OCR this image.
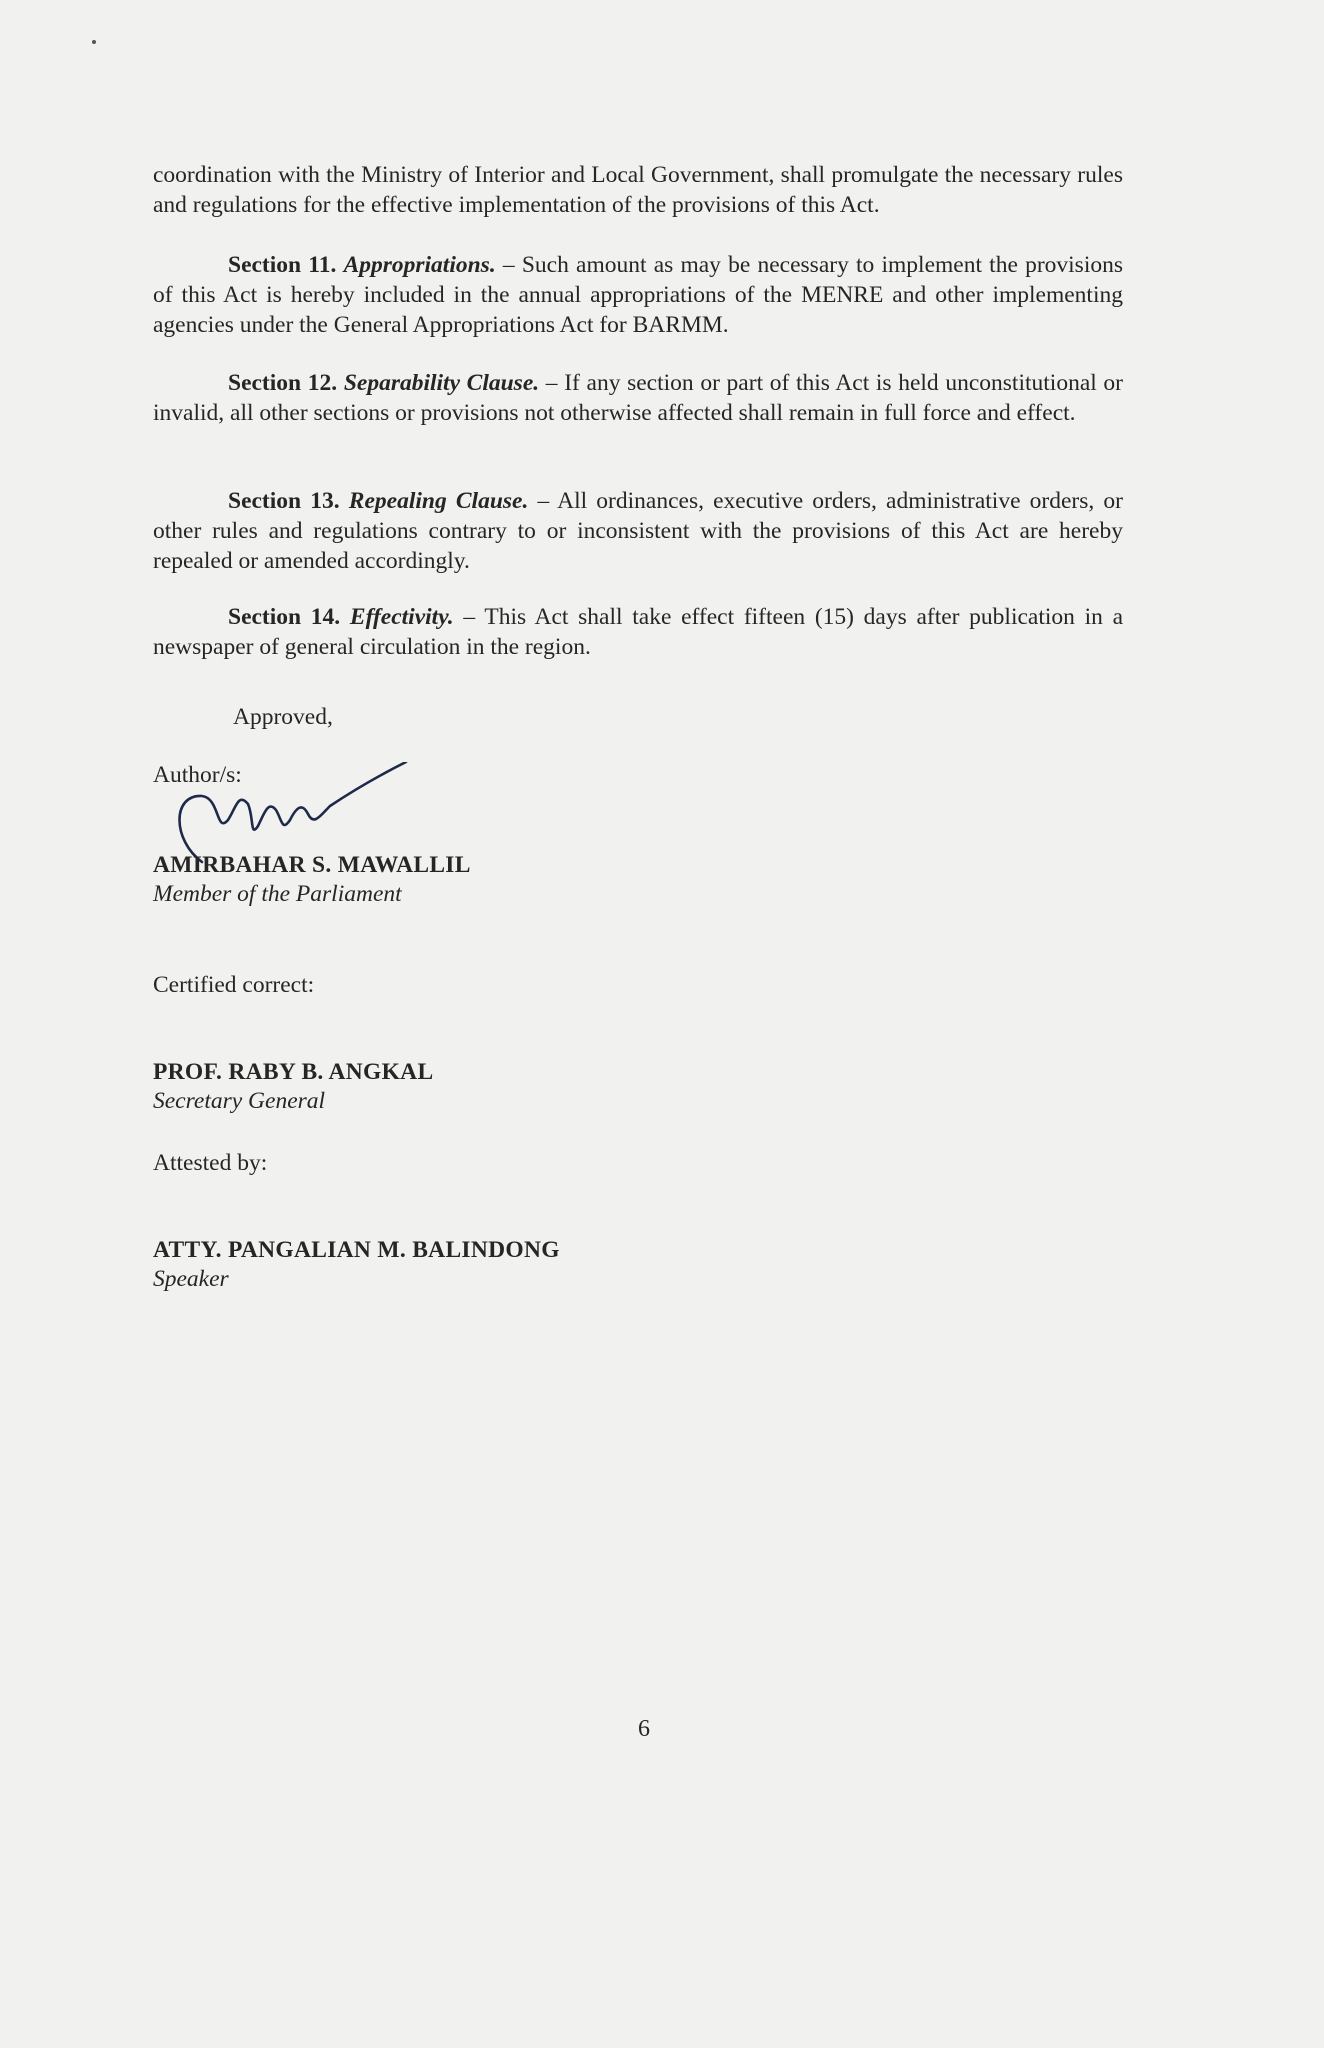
coordination with the Ministry of Interior and Local Government, shall promulgate the necessary rules and regulations for the effective implementation of the provisions of this Act.

Section 11. Appropriations. – Such amount as may be necessary to implement the provisions of this Act is hereby included in the annual appropriations of the MENRE and other implementing agencies under the General Appropriations Act for BARMM.

Section 12. Separability Clause. – If any section or part of this Act is held unconstitutional or invalid, all other sections or provisions not otherwise affected shall remain in full force and effect.

Section 13. Repealing Clause. – All ordinances, executive orders, administrative orders, or other rules and regulations contrary to or inconsistent with the provisions of this Act are hereby repealed or amended accordingly.

Section 14. Effectivity. – This Act shall take effect fifteen (15) days after publication in a newspaper of general circulation in the region.

Approved,
Author/s:
AMIRBAHAR S. MAWALLIL
Member of the Parliament
Certified correct:
PROF. RABY B. ANGKAL
Secretary General
Attested by:
ATTY. PANGALIAN M. BALINDONG
Speaker
6
